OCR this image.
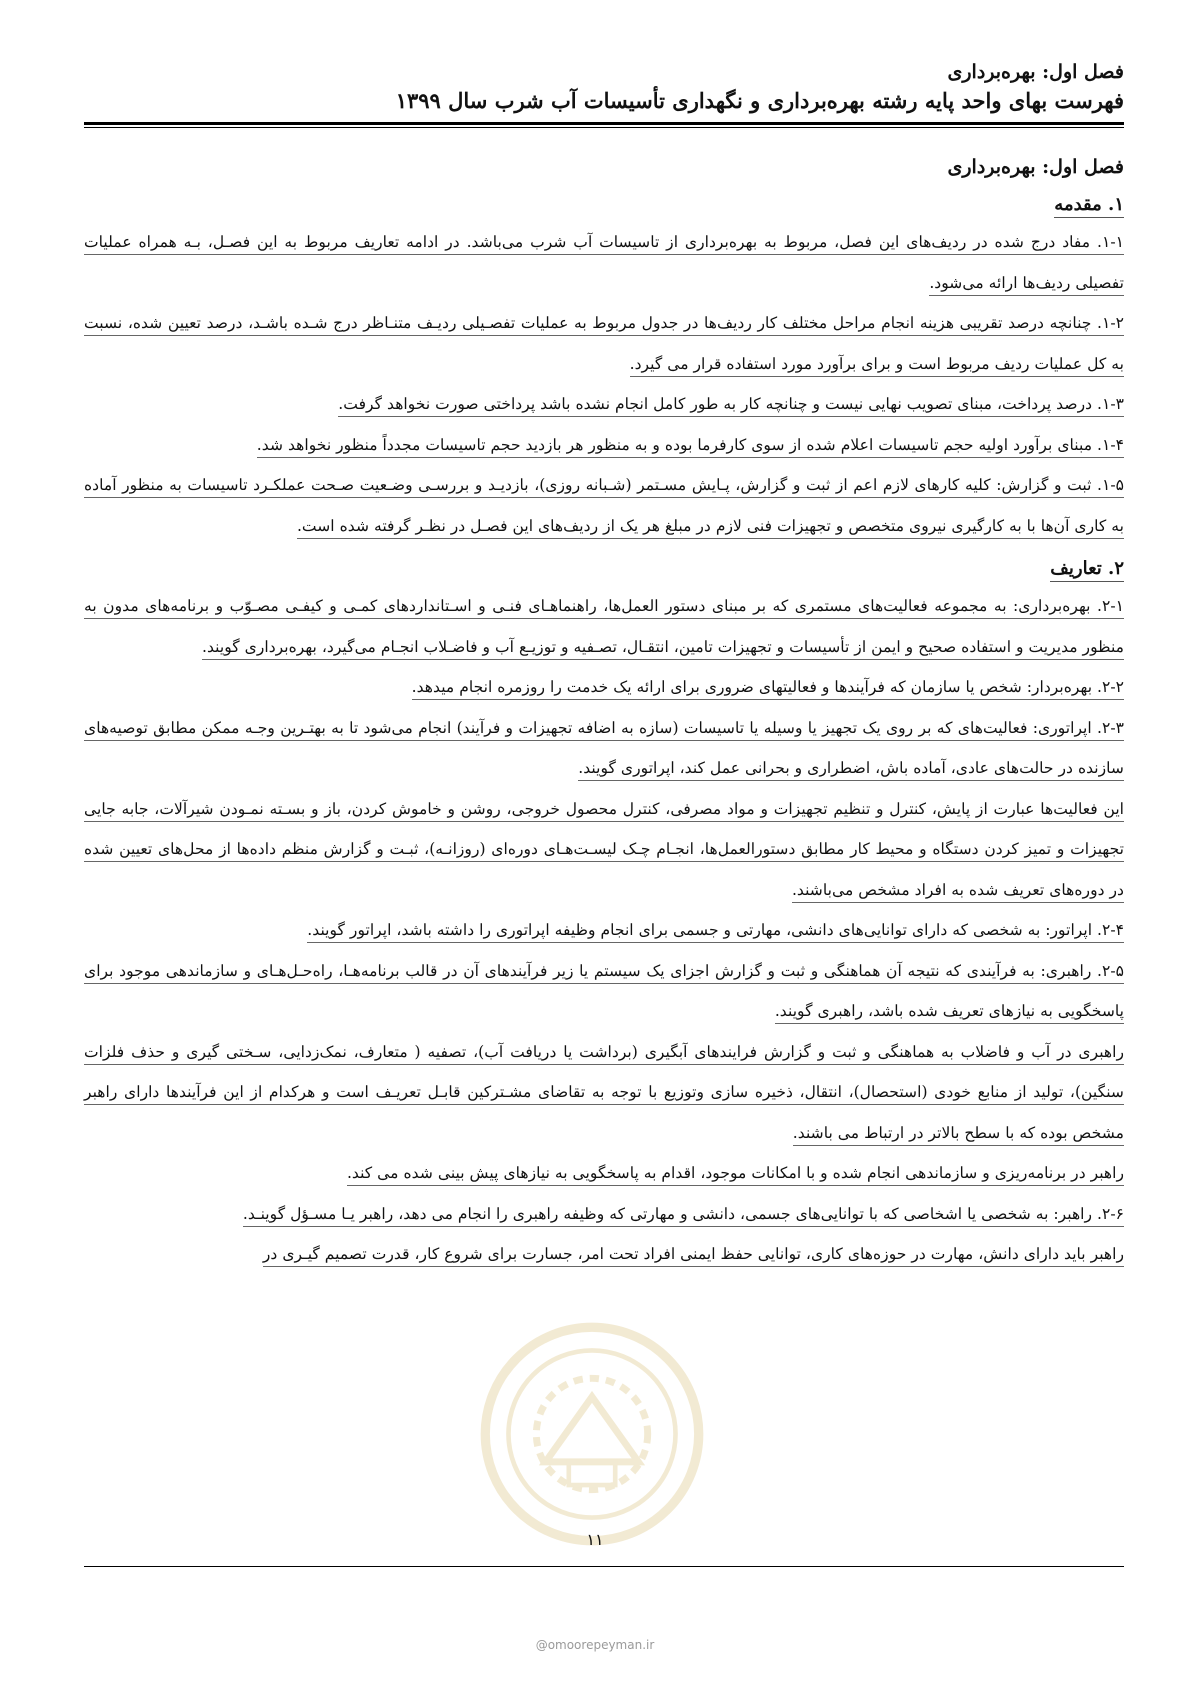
فصل اول: بهره‌برداری
فهرست بهای واحد پایه رشته بهره‌برداری و نگهداری تأسیسات آب شرب سال ۱۳۹۹
فصل اول: بهره‌برداری
۱. مقدمه
۱-۱. مفاد درج شده در ردیف‌های این فصل، مربوط به بهره‌برداری از تاسیسات آب شرب می‌باشد. در ادامه تعاریف مربوط به این فصـل، بـه همراه عملیات تفصیلی ردیف‌ها ارائه می‌شود.
۱-۲. چنانچه درصد تقریبی هزینه انجام مراحل مختلف کار ردیف‌ها در جدول مربوط به عملیات تفصـیلی ردیـف متنـاظر درج شـده باشـد، درصد تعیین شده، نسبت به کل عملیات ردیف مربوط است و برای برآورد مورد استفاده قرار می گیرد.
۱-۳. درصد پرداخت، مبنای تصویب نهایی نیست و چنانچه کار به طور کامل انجام نشده باشد پرداختی صورت نخواهد گرفت.
۱-۴. مبنای برآورد اولیه حجم تاسیسات اعلام شده از سوی کارفرما بوده و به منظور هر بازدید حجم تاسیسات مجدداً منظور نخواهد شد.
۱-۵. ثبت و گزارش: کلیه کارهای لازم اعم از ثبت و گزارش، پـایش مسـتمر (شـبانه روزی)، بازدیـد و بررسـی وضـعیت صـحت عملکـرد تاسیسات به منظور آماده به کاری آن‌ها با به کارگیری نیروی متخصص و تجهیزات فنی لازم در مبلغ هر یک از ردیف‌های این فصـل در نظـر گرفته شده است.
۲. تعاریف
۲-۱. بهره‌برداری: به مجموعه فعالیت‌های مستمری که بر مبنای دستور العمل‌ها، راهنماهـای فنـی و اسـتانداردهای کمـی و کیفـی مصـوّب و برنامه‌های مدون به منظور مدیریت و استفاده صحیح و ایمن از تأسیسات و تجهیزات تامین، انتقـال، تصـفیه و توزیـع آب و فاضـلاب انجـام می‌گیرد، بهره‌برداری گویند.
۲-۲. بهره‌بردار: شخص یا سازمان که فرآیندها و فعالیتهای ضروری برای ارائه یک خدمت را روزمره انجام میدهد.
۲-۳. اپراتوری: فعالیت‌های که بر روی یک تجهیز یا وسیله یا تاسیسات (سازه به اضافه تجهیزات و فرآیند) انجام می‌شود تا به بهتـرین وجـه ممکن مطابق توصیه‌های سازنده در حالت‌های عادی، آماده باش، اضطراری و بحرانی عمل کند، اپراتوری گویند.
این فعالیت‌ها عبارت از پایش، کنترل و تنظیم تجهیزات و مواد مصرفی، کنترل محصول خروجی، روشن و خاموش کردن، باز و بسـته نمـودن شیرآلات، جابه جایی تجهیزات و تمیز کردن دستگاه و محیط کار مطابق دستورالعمل‌ها، انجـام چـک لیسـت‌هـای دوره‌ای (روزانـه)، ثبـت و گزارش منظم داده‌ها از محل‌های تعیین شده در دوره‌های تعریف شده به افراد مشخص می‌باشند.
۲-۴. اپراتور: به شخصی که دارای توانایی‌های دانشی، مهارتی و جسمی برای انجام وظیفه اپراتوری را داشته باشد، اپراتور گویند.
۲-۵. راهبری: به فرآیندی که نتیجه آن هماهنگی و ثبت و گزارش اجزای یک سیستم یا زیر فرآیندهای آن در قالب برنامه‌هـا، راه‌حـل‌هـای و سازماندهی موجود برای پاسخگویی به نیازهای تعریف شده باشد، راهبری گویند.
راهبری در آب و فاضلاب به هماهنگی و ثبت و گزارش فرایندهای آبگیری (برداشت یا دریافت آب)، تصفیه ( متعارف، نمک‌زدایی، سـختی گیری و حذف فلزات سنگین)، تولید از منابع خودی (استحصال)، انتقال، ذخیره سازی وتوزیع با توجه به تقاضای مشـترکین قابـل تعریـف است و هرکدام از این فرآیندها دارای راهبر مشخص بوده که با سطح بالاتر در ارتباط می باشند.
راهبر در برنامه‌ریزی و سازماندهی انجام شده و با امکانات موجود، اقدام به پاسخگویی به نیازهای پیش بینی شده می کند.
۲-۶. راهبر: به شخصی یا اشخاصی که با توانایی‌های جسمی، دانشی و مهارتی که وظیفه راهبری را انجام می دهد، راهبر یـا مسـؤل گوینـد.
راهبر باید دارای دانش، مهارت در حوزه‌های کاری، توانایی حفظ ایمنی افراد تحت امر، جسارت برای شروع کار، قدرت تصمیم گیـری در
۱۱
@omoorepeyman.ir
